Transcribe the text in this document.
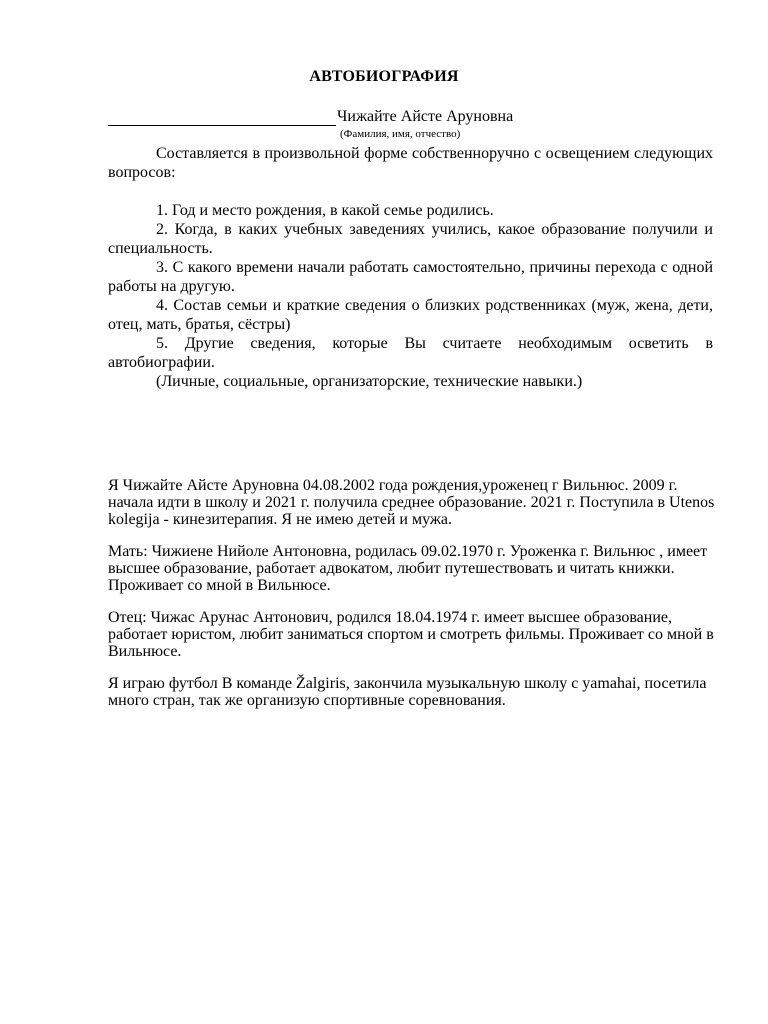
АВТОБИОГРАФИЯ
Чижайте Айсте Аруновна
(Фамилия, имя, отчество)

Составляется в произвольной форме собственноручно с освещением следующих вопросов:

1. Год и место рождения, в какой семье родились.

2. Когда, в каких учебных заведениях учились, какое образование получили и специальность.

3. С какого времени начали работать самостоятельно, причины перехода с одной работы на другую.

4. Состав семьи и краткие сведения о близких родственниках (муж, жена, дети, отец, мать, братья, сёстры)

5. Другие сведения, которые Вы считаете необходимым осветить в автобиографии.

(Личные, социальные, организаторские, технические навыки.)

Я Чижайте Айсте Аруновна 04.08.2002 года рождения,уроженец г Вильнюс. 2009 г. начала идти в школу и 2021 г. получила среднее образование. 2021 г. Поступила в Utenos kolegija - кинезитерапия. Я не имею детей и мужа.

Мать: Чижиене Нийоле Антоновна, родилась 09.02.1970 г. Уроженка г. Вильнюс , имеет высшее образование, работает адвокатом, любит путешествовать и читать книжки. Проживает со мной в Вильнюсе.

Отец: Чижас Арунас Антонович, родился 18.04.1974 г. имеет высшее образование, работает юристом, любит заниматься спортом и смотреть фильмы. Проживает со мной в Вильнюсе.

Я играю футбол В команде Žalgiris, закончила музыкальную школу с yamahai, посетила много стран, так же организую спортивные соревнования.
